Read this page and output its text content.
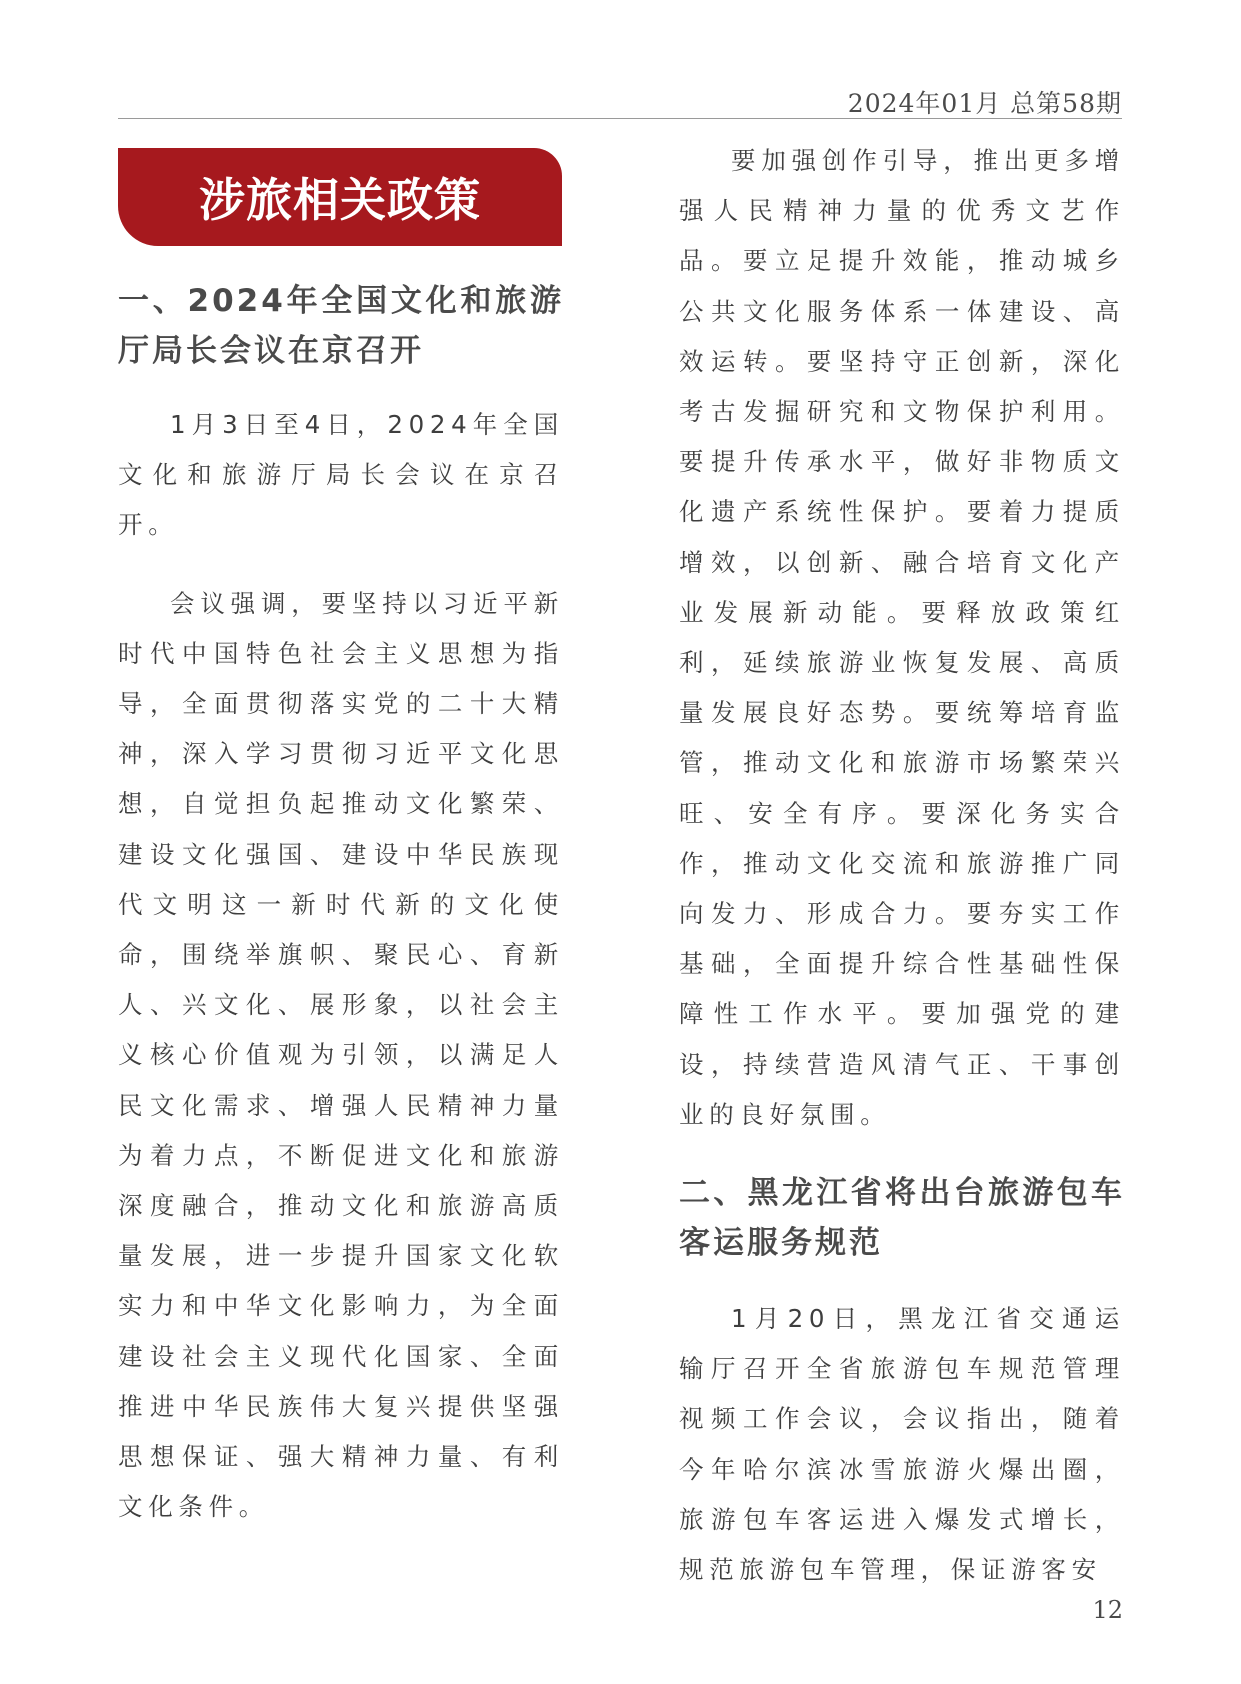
2024年01月 总第58期
涉旅相关政策
一、2024年全国文化和旅游厅局长会议在京召开

1月3日至4日，2024年全国文化和旅游厅局长会议在京召开。

会议强调，要坚持以习近平新时代中国特色社会主义思想为指导，全面贯彻落实党的二十大精神，深入学习贯彻习近平文化思想，自觉担负起推动文化繁荣、建设文化强国、建设中华民族现代文明这一新时代新的文化使命，围绕举旗帜、聚民心、育新人、兴文化、展形象，以社会主义核心价值观为引领，以满足人民文化需求、增强人民精神力量为着力点，不断促进文化和旅游深度融合，推动文化和旅游高质量发展，进一步提升国家文化软实力和中华文化影响力，为全面建设社会主义现代化国家、全面推进中华民族伟大复兴提供坚强思想保证、强大精神力量、有利文化条件。

要加强创作引导，推出更多增强人民精神力量的优秀文艺作品。要立足提升效能，推动城乡公共文化服务体系一体建设、高效运转。要坚持守正创新，深化考古发掘研究和文物保护利用。要提升传承水平，做好非物质文化遗产系统性保护。要着力提质增效，以创新、融合培育文化产业发展新动能。要释放政策红利，延续旅游业恢复发展、高质量发展良好态势。要统筹培育监管，推动文化和旅游市场繁荣兴旺、安全有序。要深化务实合作，推动文化交流和旅游推广同向发力、形成合力。要夯实工作基础，全面提升综合性基础性保障性工作水平。要加强党的建设，持续营造风清气正、干事创业的良好氛围。

二、黑龙江省将出台旅游包车客运服务规范

1月20日，黑龙江省交通运输厅召开全省旅游包车规范管理视频工作会议，会议指出，随着今年哈尔滨冰雪旅游火爆出圈，旅游包车客运进入爆发式增长，规范旅游包车管理，保证游客安

12
